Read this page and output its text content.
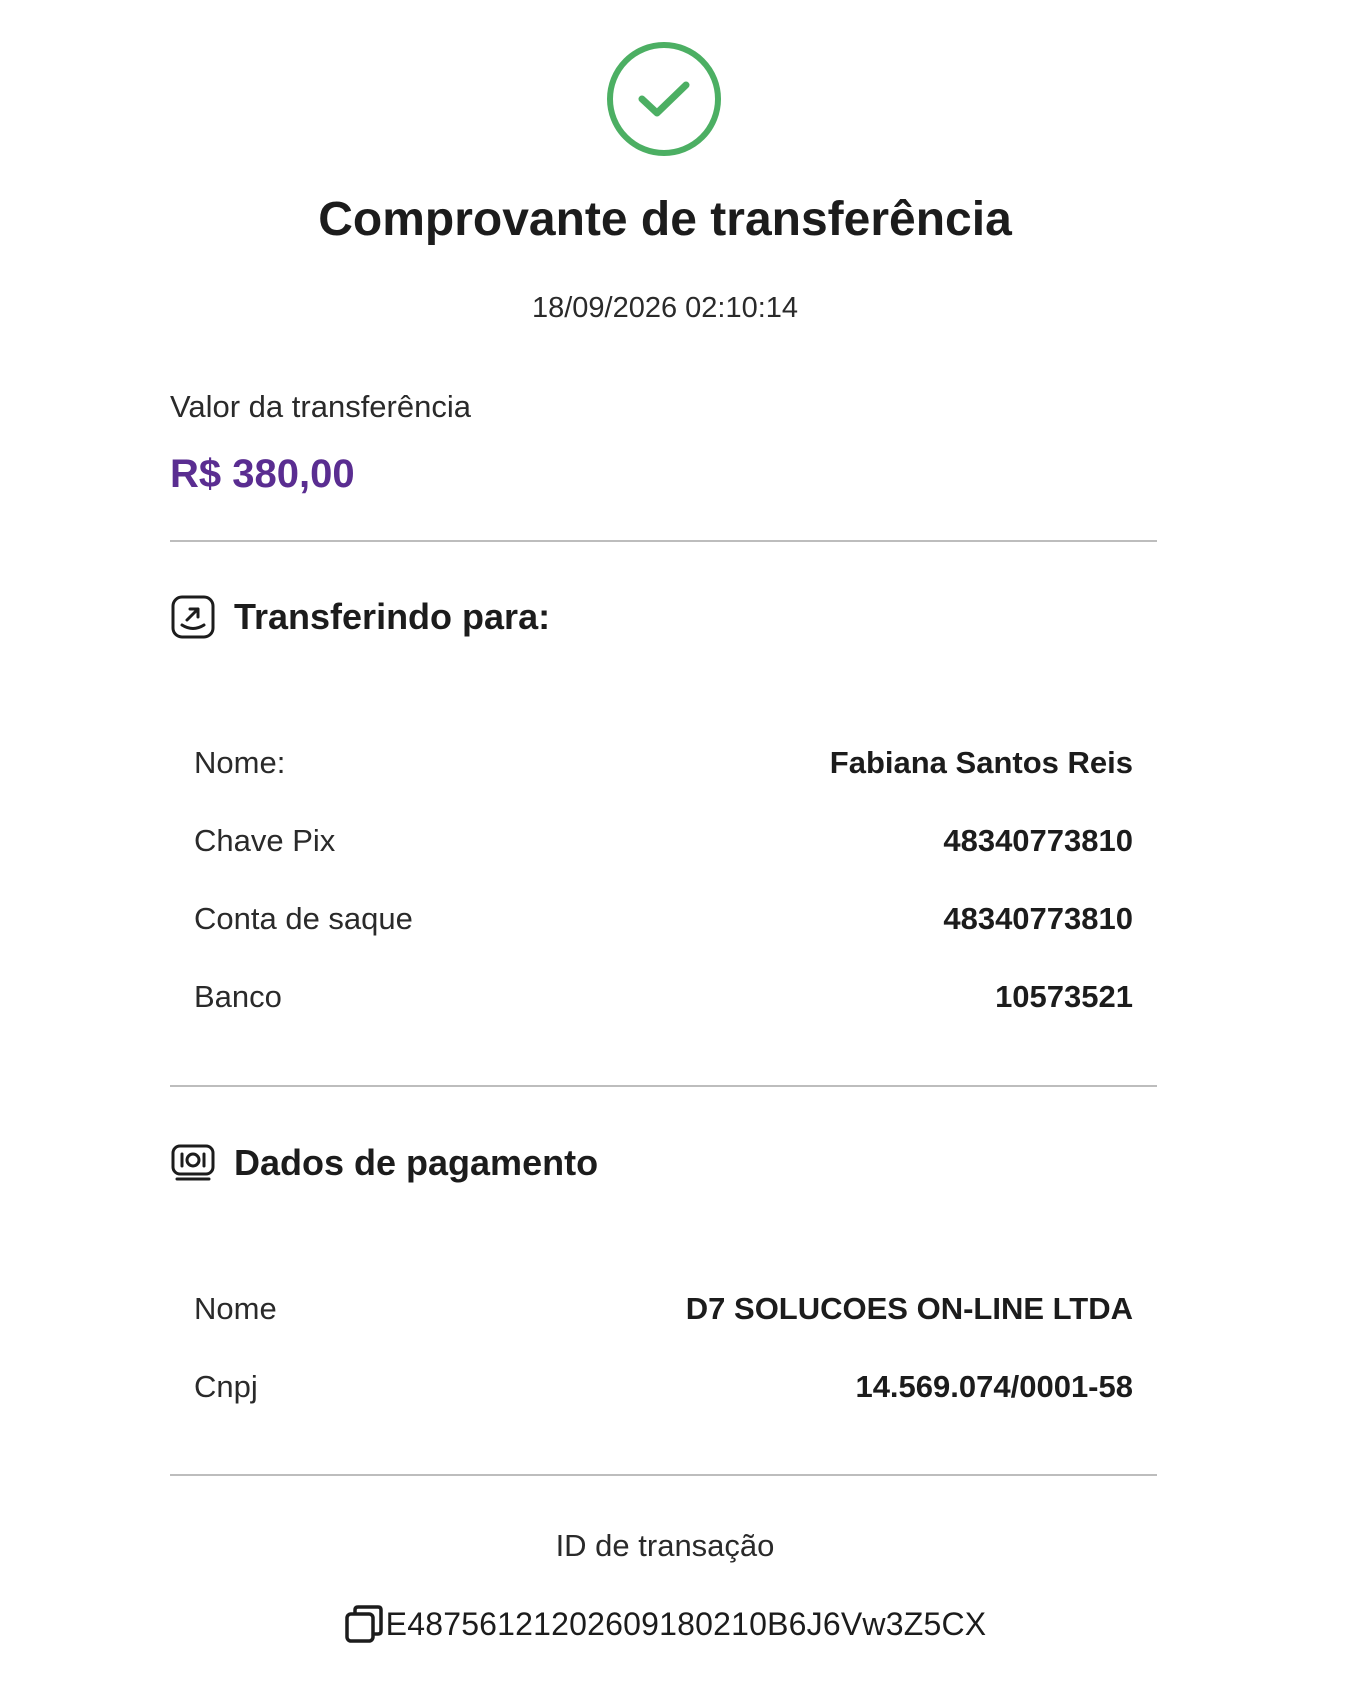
Comprovante de transferência
18/09/2026 02:10:14
Valor da transferência
R$ 380,00
Transferindo para:
Nome:	Fabiana Santos Reis
Chave Pix	48340773810
Conta de saque	48340773810
Banco	10573521
Dados de pagamento
Nome	D7 SOLUCOES ON-LINE LTDA
Cnpj	14.569.074/0001-58
ID de transação
E48756121202609180210B6J6Vw3Z5CX
